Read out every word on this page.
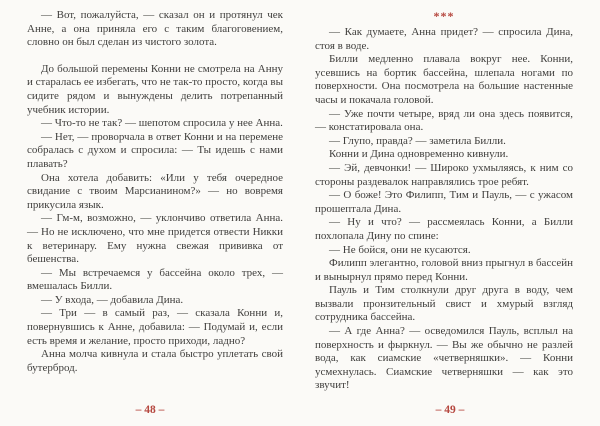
— Вот, пожалуйста, — сказал он и протянул чек Анне, а она приняла его с таким благоговением, словно он был сделан из чистого золота.

До большой перемены Конни не смотрела на Анну и старалась ее избегать, что не так-то просто, когда вы сидите рядом и вынуждены делить потрепанный учебник истории.

— Что-то не так? — шепотом спросила у нее Анна.

— Нет, — проворчала в ответ Конни и на перемене собралась с духом и спросила: — Ты идешь с нами плавать?

Она хотела добавить: «Или у тебя очередное свидание с твоим Марсианином?» — но вовремя прикусила язык.

— Гм-м, возможно, — уклончиво ответила Анна. — Но не исключено, что мне придется отвести Никки к ветеринару. Ему нужна свежая прививка от бешенства.

— Мы встречаемся у бассейна около трех, — вмешалась Билли.

— У входа, — добавила Дина.

— Три — в самый раз, — сказала Конни и, повернувшись к Анне, добавила: — Подумай и, если есть время и желание, просто приходи, ладно?

Анна молча кивнула и стала быстро уплетать свой бутерброд.

– 48 –
***

— Как думаете, Анна придет? — спросила Дина, стоя в воде.

Билли медленно плавала вокруг нее. Конни, усевшись на бортик бассейна, шлепала ногами по поверхности. Она посмотрела на большие настенные часы и покачала головой.

— Уже почти четыре, вряд ли она здесь появится, — констатировала она.

— Глупо, правда? — заметила Билли.

Конни и Дина одновременно кивнули.

— Эй, девчонки! — Широко ухмыляясь, к ним со стороны раздевалок направлялись трое ребят.

— О боже! Это Филипп, Тим и Пауль, — с ужасом прошептала Дина.

— Ну и что? — рассмеялась Конни, а Билли похлопала Дину по спине:

— Не бойся, они не кусаются.

Филипп элегантно, головой вниз прыгнул в бассейн и вынырнул прямо перед Конни.

Пауль и Тим столкнули друг друга в воду, чем вызвали пронзительный свист и хмурый взгляд сотрудника бассейна.

— А где Анна? — осведомился Пауль, всплыл на поверхность и фыркнул. — Вы же обычно не разлей вода, как сиамские «четверняшки». — Конни усмехнулась. Сиамские четверняшки — как это звучит!

– 49 –
